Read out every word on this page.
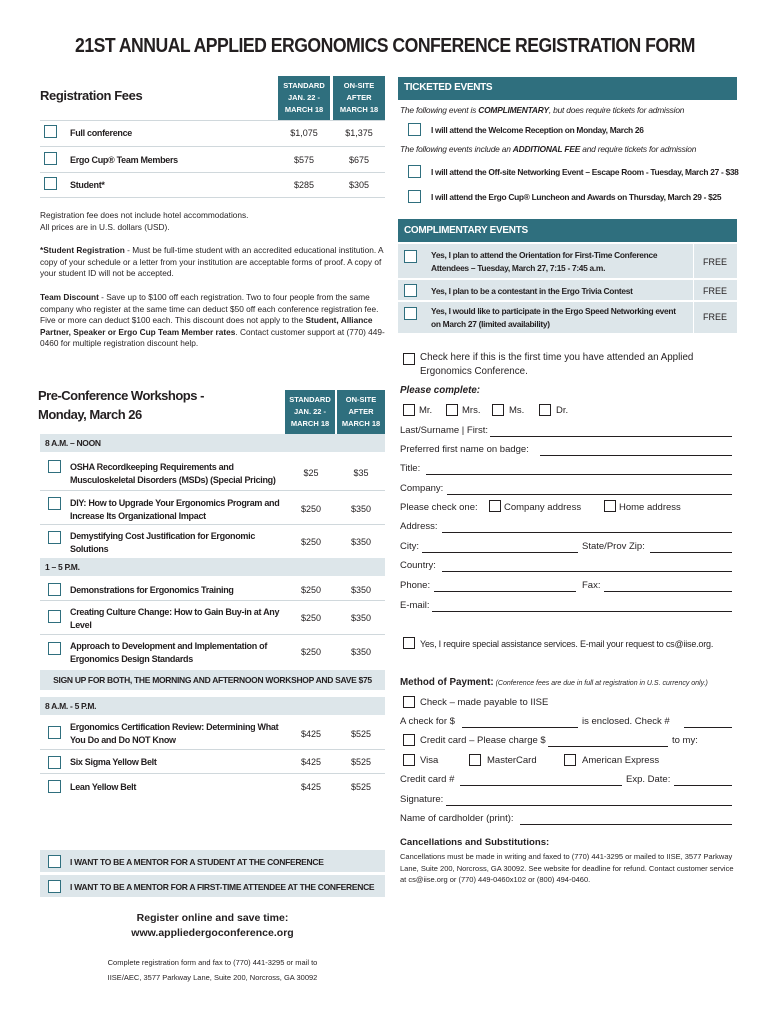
21ST ANNUAL APPLIED ERGONOMICS CONFERENCE REGISTRATION FORM
Registration Fees
STANDARD
JAN. 22 -
MARCH 18
ON-SITE
AFTER
MARCH 18
Full conference	$1,075	$1,375
Ergo Cup® Team Members	$575	$675
Student*	$285	$305
Registration fee does not include hotel accommodations.
All prices are in U.S. dollars (USD).
*Student Registration - Must be full-time student with an accredited educational institution. A copy of your schedule or a letter from your institution are acceptable forms of proof. A copy of your student ID will not be accepted.
Team Discount - Save up to $100 off each registration. Two to four people from the same company who register at the same time can deduct $50 off each conference registration fee. Five or more can deduct $100 each. This discount does not apply to the Student, Alliance Partner, Speaker or Ergo Cup Team Member rates. Contact customer support at (770) 449-0460 for multiple registration discount help.
Pre-Conference Workshops -
Monday, March 26
STANDARD
JAN. 22 -
MARCH 18
ON-SITE
AFTER
MARCH 18
8 A.M. – NOON
OSHA Recordkeeping Requirements and
Musculoskeletal Disorders (MSDs) (Special Pricing)
$25	$35
DIY: How to Upgrade Your Ergonomics Program and
Increase Its Organizational Impact
$250	$350
Demystifying Cost Justification for Ergonomic
Solutions
$250	$350
1 – 5 P.M.
Demonstrations for Ergonomics Training	$250	$350
Creating Culture Change: How to Gain Buy-in at Any
Level
$250	$350
Approach to Development and Implementation of
Ergonomics Design Standards
$250	$350
SIGN UP FOR BOTH, THE MORNING AND AFTERNOON WORKSHOP AND SAVE $75
8 A.M. - 5 P.M.
Ergonomics Certification Review: Determining What
You Do and Do NOT Know
$425	$525
Six Sigma Yellow Belt	$425	$525
Lean Yellow Belt	$425	$525
I WANT TO BE A MENTOR FOR A STUDENT AT THE CONFERENCE
I WANT TO BE A MENTOR FOR A FIRST-TIME ATTENDEE AT THE CONFERENCE
Register online and save time:
www.appliedergoconference.org
Complete registration form and fax to (770) 441-3295 or mail to
IISE/AEC, 3577 Parkway Lane, Suite 200, Norcross, GA 30092
TICKETED EVENTS
The following event is COMPLIMENTARY, but does require tickets for admission
I will attend the Welcome Reception on Monday, March 26
The following events include an ADDITIONAL FEE and require tickets for admission
I will attend the Off-site Networking Event – Escape Room - Tuesday, March 27 - $38
I will attend the Ergo Cup® Luncheon and Awards on Thursday, March 29 - $25
COMPLIMENTARY EVENTS
Yes, I plan to attend the Orientation for First-Time Conference
Attendees – Tuesday, March 27, 7:15 - 7:45 a.m.
FREE
Yes, I plan to be a contestant in the Ergo Trivia Contest	FREE
Yes, I would like to participate in the Ergo Speed Networking event
on March 27 (limited availability)
FREE
Check here if this is the first time you have attended an Applied
Ergonomics Conference.
Please complete:
Mr.	Mrs.	Ms.	Dr.
Last/Surname | First:
Preferred first name on badge:
Title:
Company:
Please check one:	Company address	Home address
Address:
City:	State/Prov Zip:
Country:
Phone:	Fax:
E-mail:
Yes, I require special assistance services. E-mail your request to cs@iise.org.
Method of Payment: (Conference fees are due in full at registration in U.S. currency only.)
Check – made payable to IISE
A check for $	is enclosed. Check #
Credit card – Please charge $	to my:
Visa	MasterCard	American Express
Credit card #	Exp. Date:
Signature:
Name of cardholder (print):
Cancellations and Substitutions:
Cancellations must be made in writing and faxed to (770) 441-3295 or mailed to IISE, 3577 Parkway Lane, Suite 200, Norcross, GA 30092. See website for deadline for refund. Contact customer service at cs@iise.org or (770) 449-0460x102 or (800) 494-0460.
